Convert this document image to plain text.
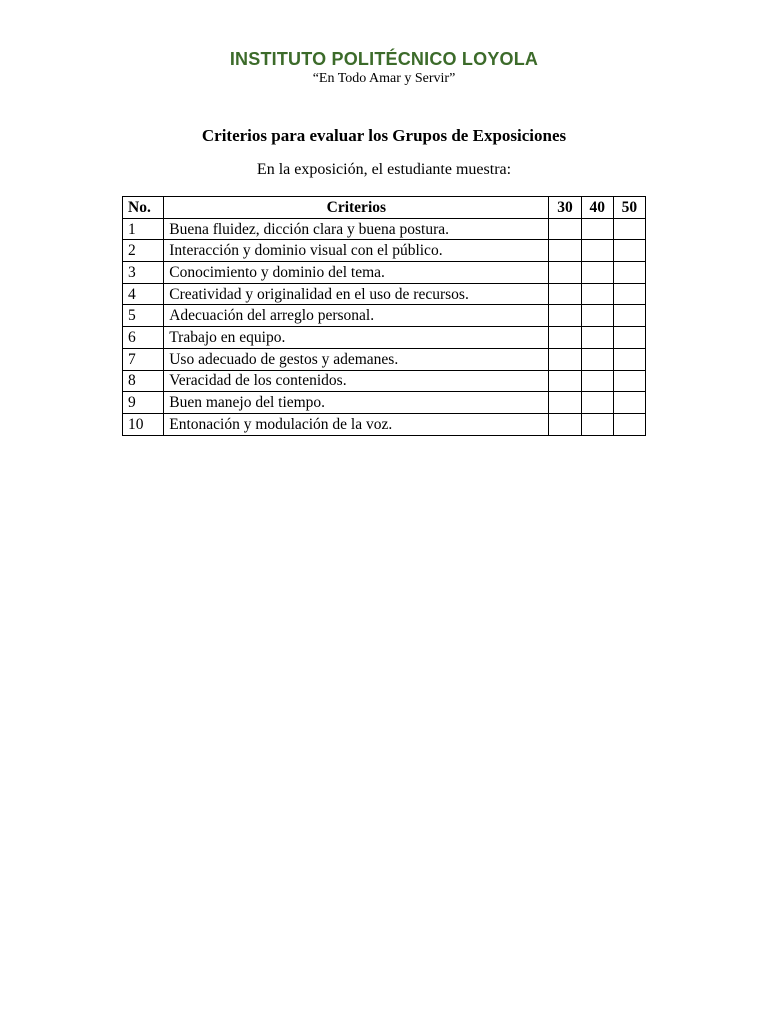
INSTITUTO POLITÉCNICO LOYOLA
“En Todo Amar y Servir”
Criterios para evaluar los Grupos de Exposiciones
En la exposición, el estudiante muestra:
No.	Criterios	30	40	50
1	Buena fluidez, dicción clara y buena postura.			
2	Interacción y dominio visual con el público.			
3	Conocimiento y dominio del tema.			
4	Creatividad y originalidad en el uso de recursos.			
5	Adecuación del arreglo personal.			
6	Trabajo en equipo.			
7	Uso adecuado de gestos y ademanes.			
8	Veracidad de los contenidos.			
9	Buen manejo del tiempo.			
10	Entonación y modulación de la voz.			
